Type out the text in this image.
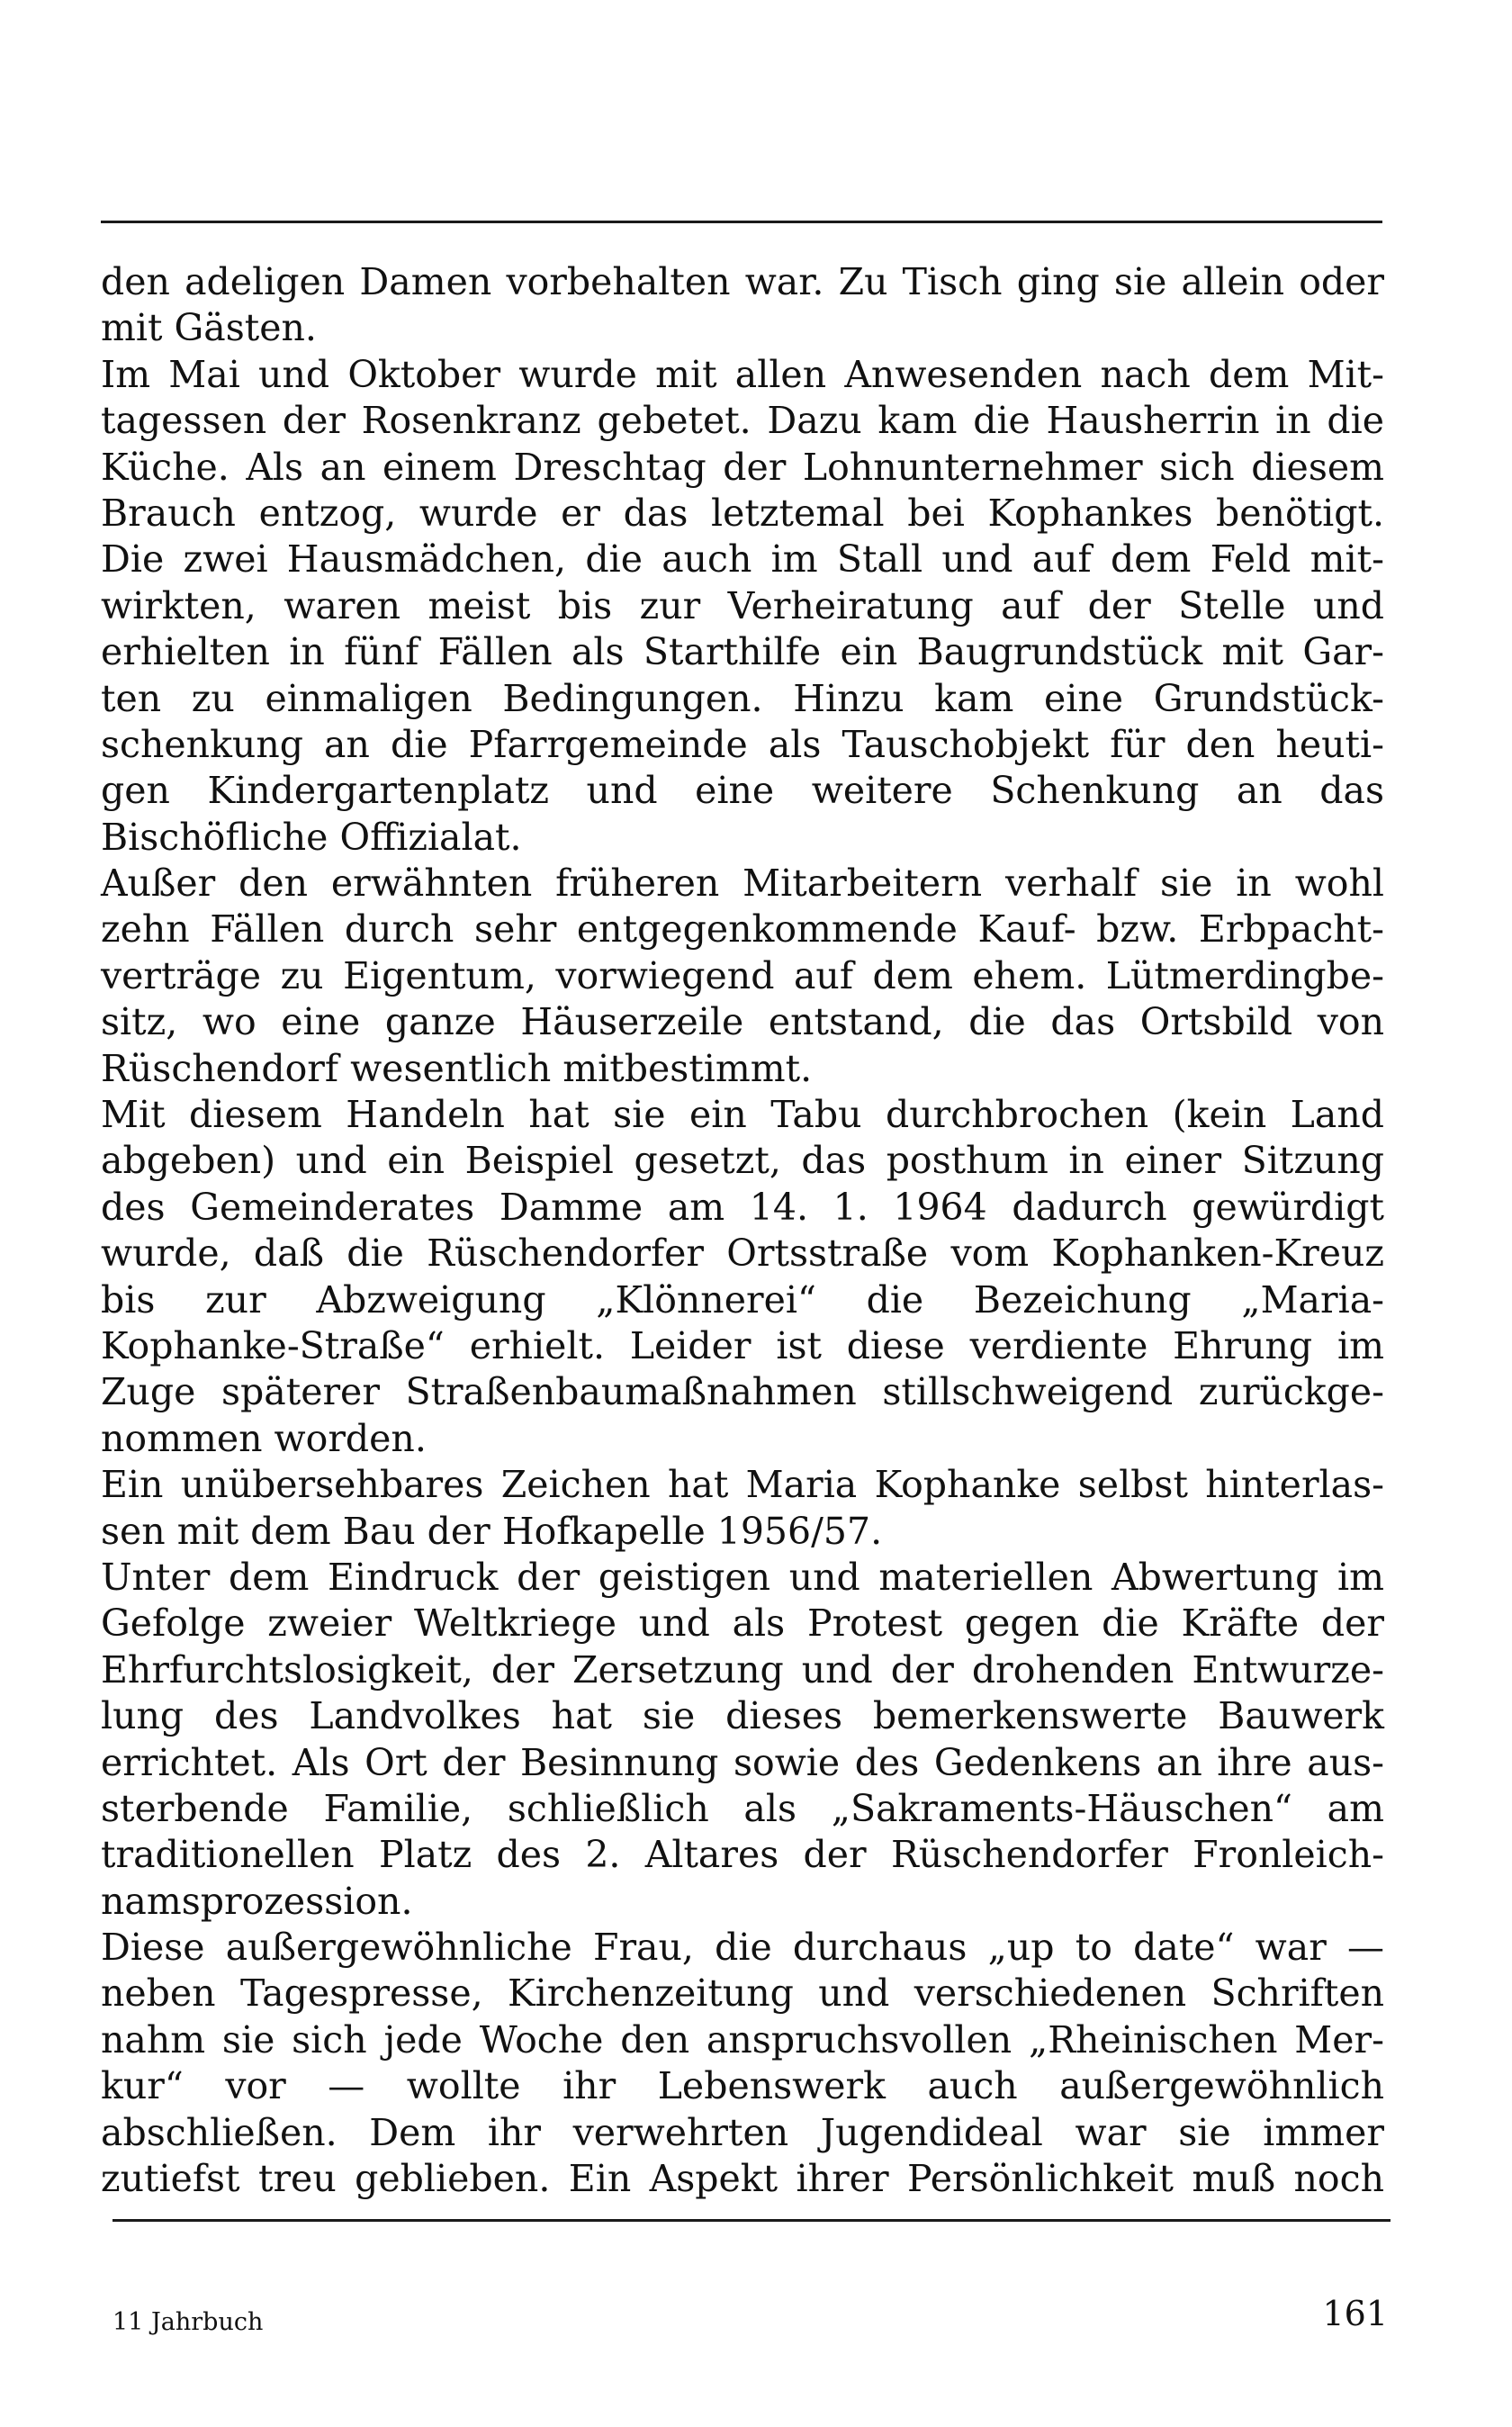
den adeligen Damen vorbehalten war. Zu Tisch ging sie allein oder
mit Gästen.
Im Mai und Oktober wurde mit allen Anwesenden nach dem Mit-
tagessen der Rosenkranz gebetet. Dazu kam die Hausherrin in die
Küche. Als an einem Dreschtag der Lohnunternehmer sich diesem
Brauch entzog, wurde er das letztemal bei Kophankes benötigt.
Die zwei Hausmädchen, die auch im Stall und auf dem Feld mit-
wirkten, waren meist bis zur Verheiratung auf der Stelle und
erhielten in fünf Fällen als Starthilfe ein Baugrundstück mit Gar-
ten zu einmaligen Bedingungen. Hinzu kam eine Grundstück-
schenkung an die Pfarrgemeinde als Tauschobjekt für den heuti-
gen Kindergartenplatz und eine weitere Schenkung an das
Bischöfliche Offizialat.
Außer den erwähnten früheren Mitarbeitern verhalf sie in wohl
zehn Fällen durch sehr entgegenkommende Kauf- bzw. Erbpacht-
verträge zu Eigentum, vorwiegend auf dem ehem. Lütmerdingbe-
sitz, wo eine ganze Häuserzeile entstand, die das Ortsbild von
Rüschendorf wesentlich mitbestimmt.
Mit diesem Handeln hat sie ein Tabu durchbrochen (kein Land
abgeben) und ein Beispiel gesetzt, das posthum in einer Sitzung
des Gemeinderates Damme am 14. 1. 1964 dadurch gewürdigt
wurde, daß die Rüschendorfer Ortsstraße vom Kophanken-Kreuz
bis zur Abzweigung „Klönnerei“ die Bezeichung „Maria-
Kophanke-Straße“ erhielt. Leider ist diese verdiente Ehrung im
Zuge späterer Straßenbaumaßnahmen stillschweigend zurückge-
nommen worden.
Ein unübersehbares Zeichen hat Maria Kophanke selbst hinterlas-
sen mit dem Bau der Hofkapelle 1956/57.
Unter dem Eindruck der geistigen und materiellen Abwertung im
Gefolge zweier Weltkriege und als Protest gegen die Kräfte der
Ehrfurchtslosigkeit, der Zersetzung und der drohenden Entwurze-
lung des Landvolkes hat sie dieses bemerkenswerte Bauwerk
errichtet. Als Ort der Besinnung sowie des Gedenkens an ihre aus-
sterbende Familie, schließlich als „Sakraments-Häuschen“ am
traditionellen Platz des 2. Altares der Rüschendorfer Fronleich-
namsprozession.
Diese außergewöhnliche Frau, die durchaus „up to date“ war —
neben Tagespresse, Kirchenzeitung und verschiedenen Schriften
nahm sie sich jede Woche den anspruchsvollen „Rheinischen Mer-
kur“ vor — wollte ihr Lebenswerk auch außergewöhnlich
abschließen. Dem ihr verwehrten Jugendideal war sie immer
zutiefst treu geblieben. Ein Aspekt ihrer Persönlichkeit muß noch
11 Jahrbuch	161
